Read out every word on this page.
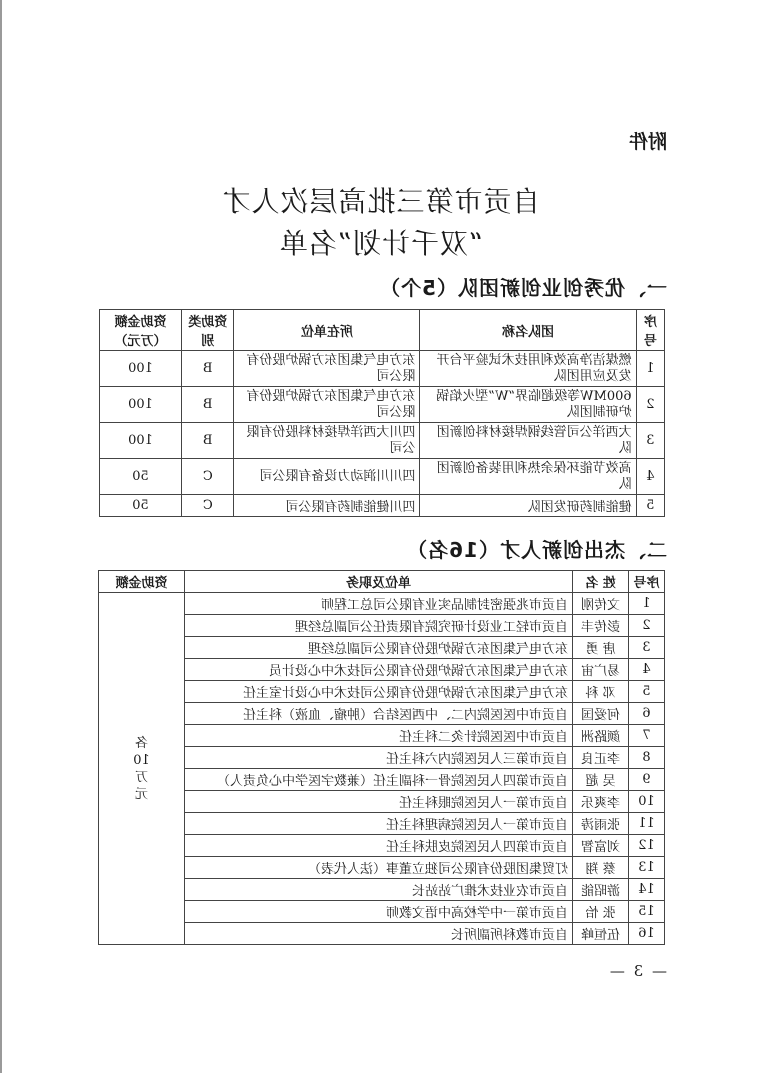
附件
自贡市第三批高层次人才
“双千计划”名单
一、优秀创业创新团队（5个）
序号	团队名称	所在单位	资助类别	资助金额（万元）
1	燃煤洁净高效利用技术试验平台开发及应用团队	东方电气集团东方锅炉股份有限公司	B	100
2	600MW等级超临界“W”型火焰锅炉研制团队	东方电气集团东方锅炉股份有限公司	B	100
3	大西洋公司管线钢焊接材料创新团队	四川大西洋焊接材料股份有限公司	B	100
4	高效节能环保余热利用装备创新团队	四川川润动力设备有限公司	C	50
5	健能制药研发团队	四川健能制药有限公司	C	50
二、杰出创新人才（16名）
序号	姓 名	单位及职务	资助金额
1	文传刚	自贡市兆强密封制品实业有限公司总工程师	各
10
万
元

2	彭传丰	自贡市轻工业设计研究院有限责任公司副总经理	
3	唐 勇	东方电气集团东方锅炉股份有限公司副总经理	
4	易广宙	东方电气集团东方锅炉股份有限公司技术中心设计员	
5	邓 科	东方电气集团东方锅炉股份有限公司技术中心设计室主任	
6	何爱国	自贡市中医医院内二、中西医结合（肿瘤、血液）科主任	
7	颜路洲	自贡市中医医院针灸二科主任	
8	李正良	自贡市第三人民医院内六科主任	
9	吴 超	自贡市第四人民医院骨一科副主任（兼数字医学中心负责人）	
10	李爽乐	自贡市第一人民医院眼科主任	
11	张雨涛	自贡市第一人民医院病理科主任	
12	刘富智	自贡市第四人民医院皮肤科主任	
13	蔡 翔	灯贸集团股份有限公司独立董事（法人代表）	
14	游昭能	自贡市农业技术推广站站长	
15	张 怡	自贡市第一中学校高中语文教师	
16	伍恒峰	自贡市教科所副所长	
— 3 —
